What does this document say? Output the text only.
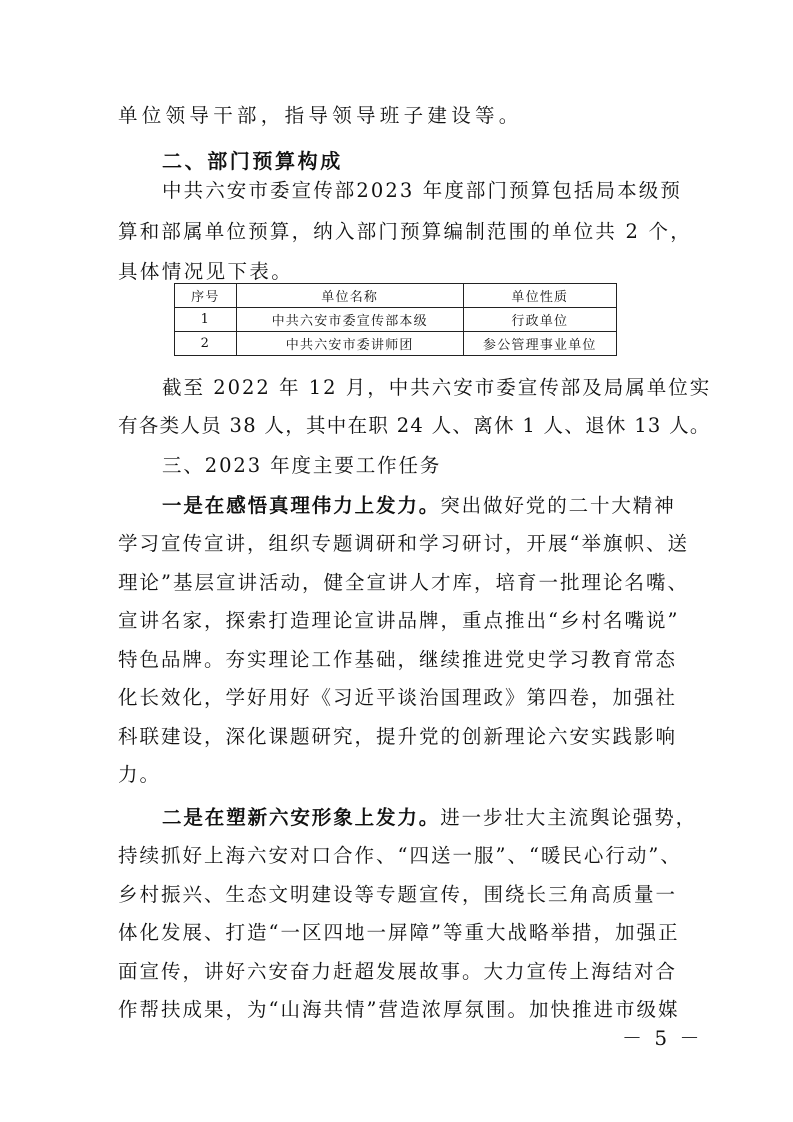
单位领导干部，指导领导班子建设等。
二、部门预算构成
中共六安市委宣传部2023 年度部门预算包括局本级预
算和部属单位预算，纳入部门预算编制范围的单位共 2 个，
具体情况见下表。
序号	单位名称	单位性质
1	中共六安市委宣传部本级	行政单位
2	中共六安市委讲师团	参公管理事业单位
截至 2022 年 12 月，中共六安市委宣传部及局属单位实
有各类人员 38 人，其中在职 24 人、离休 1 人、退休 13 人。
三、2023 年度主要工作任务
一是在感悟真理伟力上发力。突出做好党的二十大精神
学习宣传宣讲，组织专题调研和学习研讨，开展“举旗帜、送
理论”基层宣讲活动，健全宣讲人才库，培育一批理论名嘴、
宣讲名家，探索打造理论宣讲品牌，重点推出“乡村名嘴说”
特色品牌。夯实理论工作基础，继续推进党史学习教育常态
化长效化，学好用好《习近平谈治国理政》第四卷，加强社
科联建设，深化课题研究，提升党的创新理论六安实践影响
力。
二是在塑新六安形象上发力。进一步壮大主流舆论强势，
持续抓好上海六安对口合作、“四送一服”、“暖民心行动”、
乡村振兴、生态文明建设等专题宣传，围绕长三角高质量一
体化发展、打造“一区四地一屏障”等重大战略举措，加强正
面宣传，讲好六安奋力赶超发展故事。大力宣传上海结对合
作帮扶成果，为“山海共情”营造浓厚氛围。加快推进市级媒
－ 5 －
